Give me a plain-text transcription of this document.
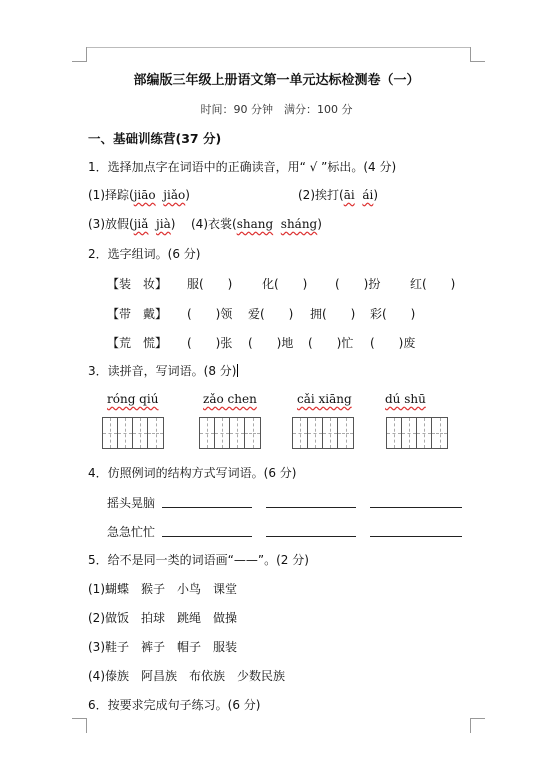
部编版三年级上册语文第一单元达标检测卷（一）
时间：90 分钟　满分：100 分
一、基础训练营(37 分)
1．选择加点字在词语中的正确读音，用“ √ ”标出。(4 分)
(1)择踪(jiāo jiǎo)	(2)挨打(āi ái)
(3)放假(jiǎ jià) (4)衣裳(shang sháng)
2．选字组词。(6 分)
【装　妆】 服(　　) 化(　　) (　　)扮 红(　　)
【带　戴】 (　　)领 爱(　　) 拥(　　) 彩(　　)
【荒　慌】 (　　)张 (　　)地 (　　)忙 (　　)废
3．读拼音，写词语。(8 分)
róng qiú	zǎo chen	cǎi xiāng	dú shū
4．仿照例词的结构方式写词语。(6 分)
摇头晃脑
急急忙忙
5．给不是同一类的词语画“——”。(2 分)
(1)蝴蝶　猴子　小鸟　课堂
(2)做饭　拍球　跳绳　做操
(3)鞋子　裤子　帽子　服装
(4)傣族　阿昌族　布依族　少数民族
6．按要求完成句子练习。(6 分)
